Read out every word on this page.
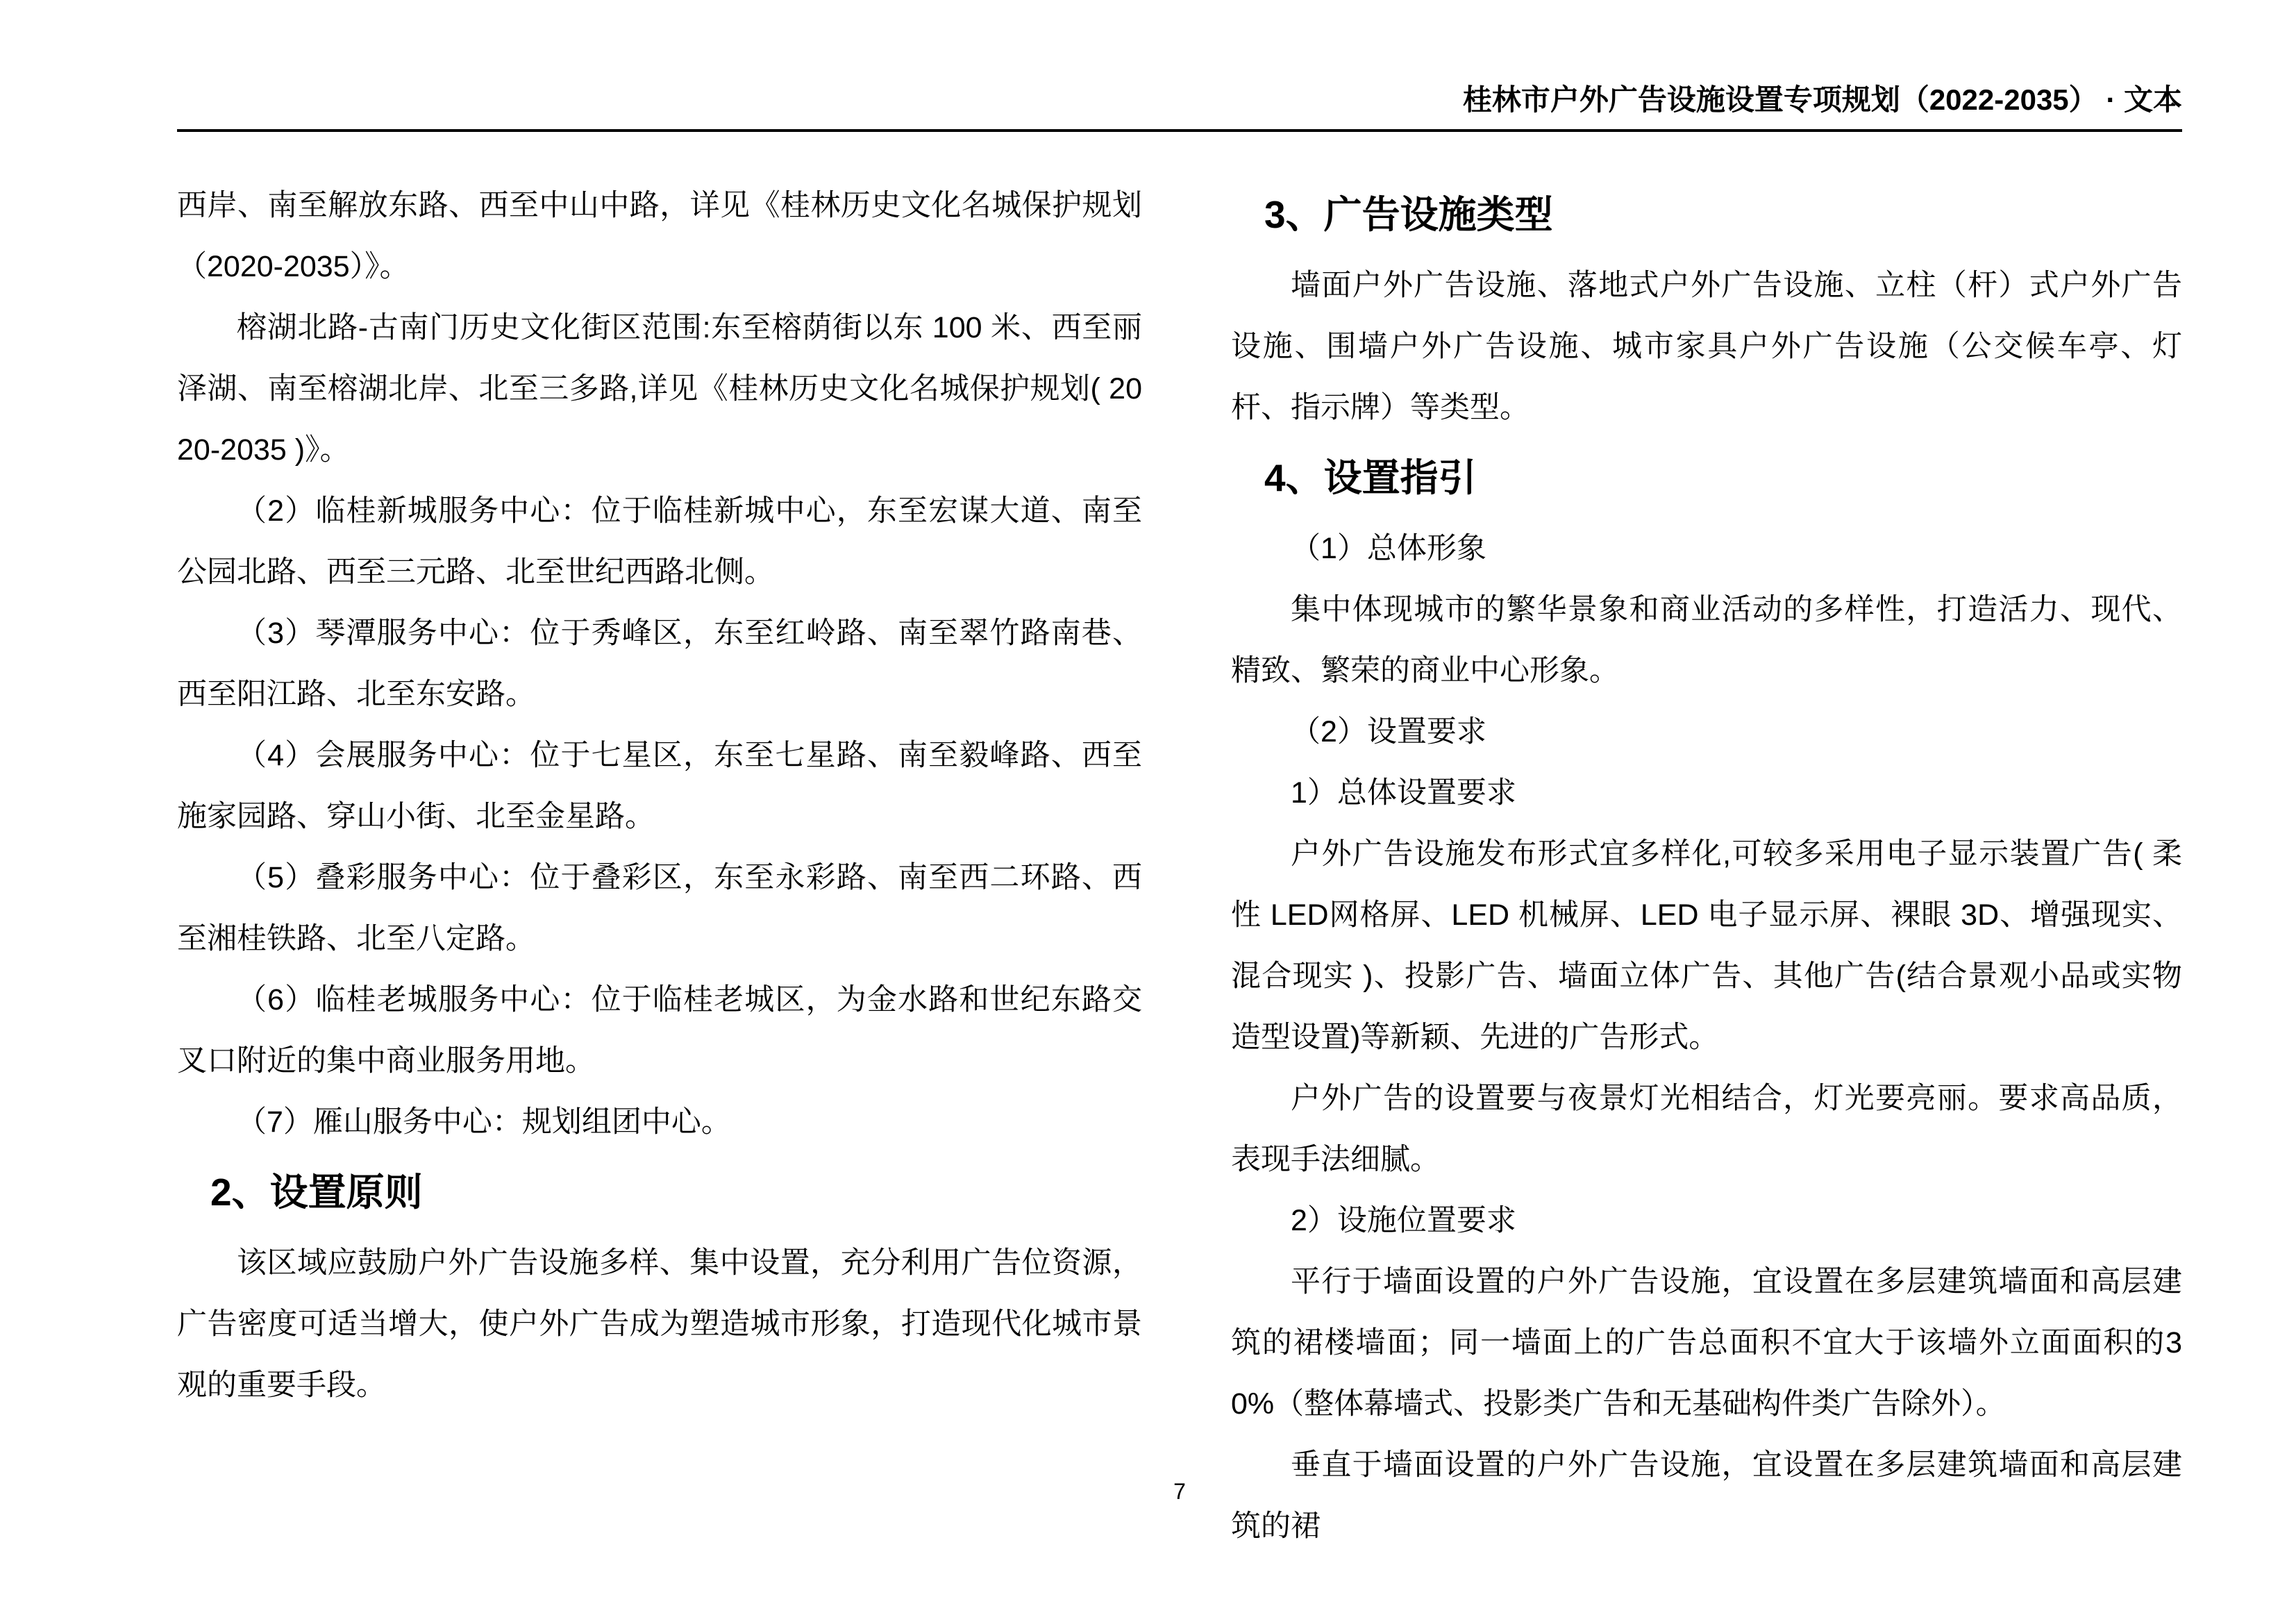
桂林市户外广告设施设置专项规划（2022-2035） · 文本
西岸、南至解放东路、西至中山中路，详见《桂林历史文化名城保护规划（2020-2035）》。
榕湖北路-古南门历史文化街区范围:东至榕荫街以东 100 米、西至丽泽湖、南至榕湖北岸、北至三多路,详见《桂林历史文化名城保护规划( 2020-2035 )》。
（2）临桂新城服务中心：位于临桂新城中心，东至宏谋大道、南至公园北路、西至三元路、北至世纪西路北侧。
（3）琴潭服务中心：位于秀峰区，东至红岭路、南至翠竹路南巷、西至阳江路、北至东安路。
（4）会展服务中心：位于七星区，东至七星路、南至毅峰路、西至施家园路、穿山小街、北至金星路。
（5）叠彩服务中心：位于叠彩区，东至永彩路、南至西二环路、西至湘桂铁路、北至八定路。
（6）临桂老城服务中心：位于临桂老城区，为金水路和世纪东路交叉口附近的集中商业服务用地。
（7）雁山服务中心：规划组团中心。
2、设置原则
该区域应鼓励户外广告设施多样、集中设置，充分利用广告位资源，广告密度可适当增大，使户外广告成为塑造城市形象，打造现代化城市景观的重要手段。
3、广告设施类型
墙面户外广告设施、落地式户外广告设施、立柱（杆）式户外广告设施、围墙户外广告设施、城市家具户外广告设施（公交候车亭、灯杆、指示牌）等类型。
4、设置指引
（1）总体形象
集中体现城市的繁华景象和商业活动的多样性，打造活力、现代、精致、繁荣的商业中心形象。
（2）设置要求
1）总体设置要求
户外广告设施发布形式宜多样化,可较多采用电子显示装置广告( 柔性 LED网格屏、LED 机械屏、LED 电子显示屏、裸眼 3D、增强现实、混合现实 )、投影广告、墙面立体广告、其他广告(结合景观小品或实物造型设置)等新颖、先进的广告形式。
户外广告的设置要与夜景灯光相结合，灯光要亮丽。要求高品质，表现手法细腻。
2）设施位置要求
平行于墙面设置的户外广告设施，宜设置在多层建筑墙面和高层建筑的裙楼墙面；同一墙面上的广告总面积不宜大于该墙外立面面积的30%（整体幕墙式、投影类广告和无基础构件类广告除外）。
垂直于墙面设置的户外广告设施，宜设置在多层建筑墙面和高层建筑的裙
7
